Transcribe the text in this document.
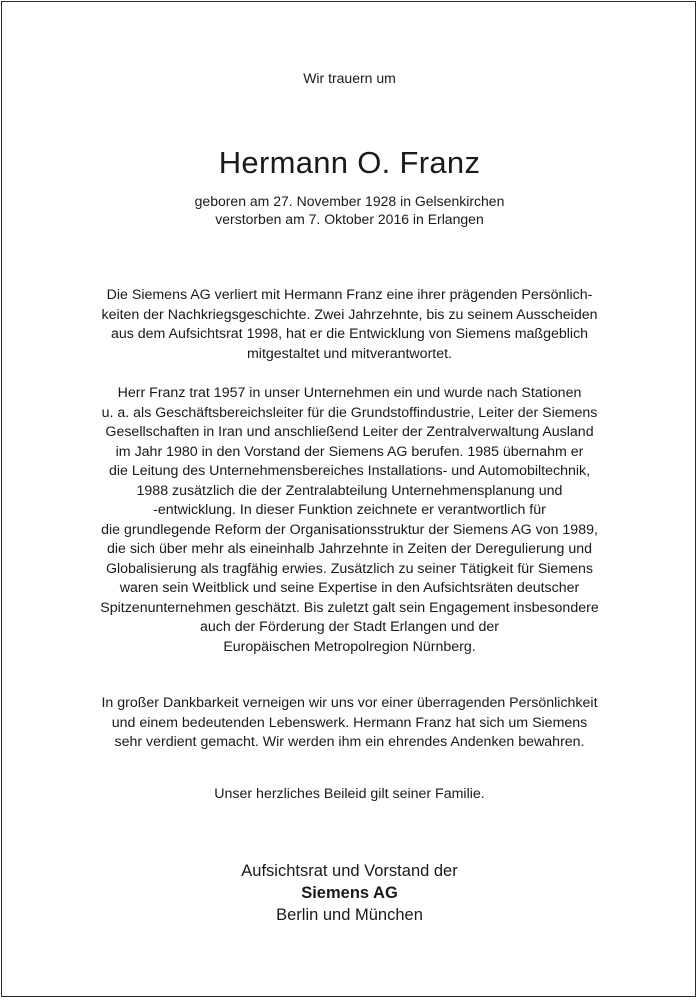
Wir trauern um
Hermann O. Franz
geboren am 27. November 1928 in Gelsenkirchen
verstorben am 7. Oktober 2016 in Erlangen
Die Siemens AG verliert mit Hermann Franz eine ihrer prägenden Persönlich-
keiten der Nachkriegsgeschichte. Zwei Jahrzehnte, bis zu seinem Ausscheiden
aus dem Aufsichtsrat 1998, hat er die Entwicklung von Siemens maßgeblich
mitgestaltet und mitverantwortet.
Herr Franz trat 1957 in unser Unternehmen ein und wurde nach Stationen
u. a. als Geschäftsbereichsleiter für die Grundstoffindustrie, Leiter der Siemens
Gesellschaften in Iran und anschließend Leiter der Zentralverwaltung Ausland
im Jahr 1980 in den Vorstand der Siemens AG berufen. 1985 übernahm er
die Leitung des Unternehmensbereiches Installations- und Automobiltechnik,
1988 zusätzlich die der Zentralabteilung Unternehmensplanung und
-entwicklung. In dieser Funktion zeichnete er verantwortlich für
die grundlegende Reform der Organisationsstruktur der Siemens AG von 1989,
die sich über mehr als eineinhalb Jahrzehnte in Zeiten der Deregulierung und
Globalisierung als tragfähig erwies. Zusätzlich zu seiner Tätigkeit für Siemens
waren sein Weitblick und seine Expertise in den Aufsichtsräten deutscher
Spitzenunternehmen geschätzt. Bis zuletzt galt sein Engagement insbesondere
auch der Förderung der Stadt Erlangen und der
Europäischen Metropolregion Nürnberg.
In großer Dankbarkeit verneigen wir uns vor einer überragenden Persönlichkeit
und einem bedeutenden Lebenswerk. Hermann Franz hat sich um Siemens
sehr verdient gemacht. Wir werden ihm ein ehrendes Andenken bewahren.
Unser herzliches Beileid gilt seiner Familie.
Aufsichtsrat und Vorstand der
Siemens AG
Berlin und München
